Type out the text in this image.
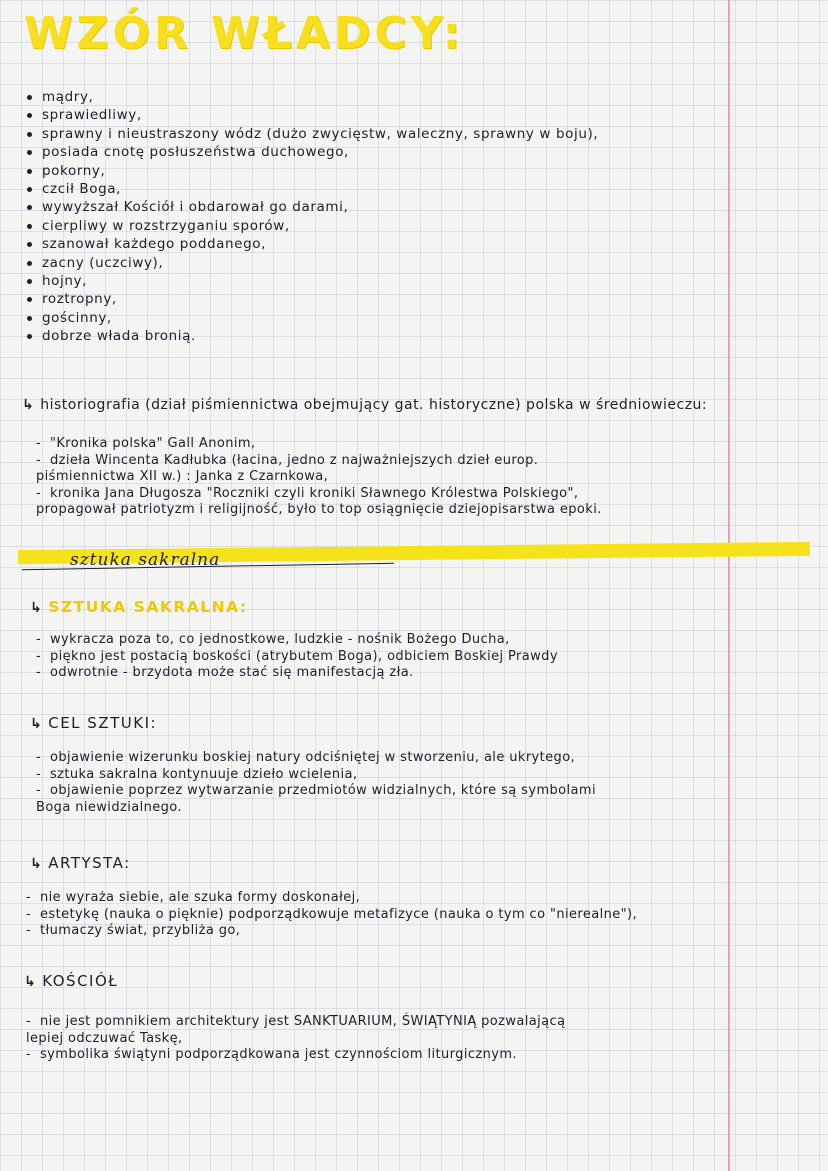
WZÓR WŁADCY:
mądry,
sprawiedliwy,
sprawny i nieustraszony wódz (dużo zwycięstw, waleczny, sprawny w boju),
posiada cnotę posłuszeństwa duchowego,
pokorny,
czcił Boga,
wywyższał Kościół i obdarował go darami,
cierpliwy w rozstrzyganiu sporów,
szanował każdego poddanego,
zacny (uczciwy),
hojny,
roztropny,
gościnny,
dobrze włada bronią.
↳ historiografia (dział piśmiennictwa obejmujący gat. historyczne) polska w średniowieczu:
- "Kronika polska" Gall Anonim,
- dzieła Wincenta Kadłubka (łacina, jedno z najważniejszych dzieł europ.
piśmiennictwa XII w.) : Janka z Czarnkowa,
- kronika Jana Długosza "Roczniki czyli kroniki Sławnego Królestwa Polskiego",
propagował patriotyzm i religijność, było to top osiągnięcie dziejopisarstwa epoki.
sztuka sakralna
↳ SZTUKA SAKRALNA:
- wykracza poza to, co jednostkowe, ludzkie - nośnik Bożego Ducha,
- piękno jest postacią boskości (atrybutem Boga), odbiciem Boskiej Prawdy
- odwrotnie - brzydota może stać się manifestacją zła.
↳ CEL SZTUKI:
- objawienie wizerunku boskiej natury odciśniętej w stworzeniu, ale ukrytego,
- sztuka sakralna kontynuuje dzieło wcielenia,
- objawienie poprzez wytwarzanie przedmiotów widzialnych, które są symbolami
Boga niewidzialnego.
↳ ARTYSTA:
- nie wyraża siebie, ale szuka formy doskonałej,
- estetykę (nauka o pięknie) podporządkowuje metafizyce (nauka o tym co "nierealne"),
- tłumaczy świat, przybliża go,
↳ KOŚCIÓŁ
- nie jest pomnikiem architektury jest SANKTUARIUM, ŚWIĄTYNIĄ pozwalającą
lepiej odczuwać Taskę,
- symbolika świątyni podporządkowana jest czynnościom liturgicznym.
